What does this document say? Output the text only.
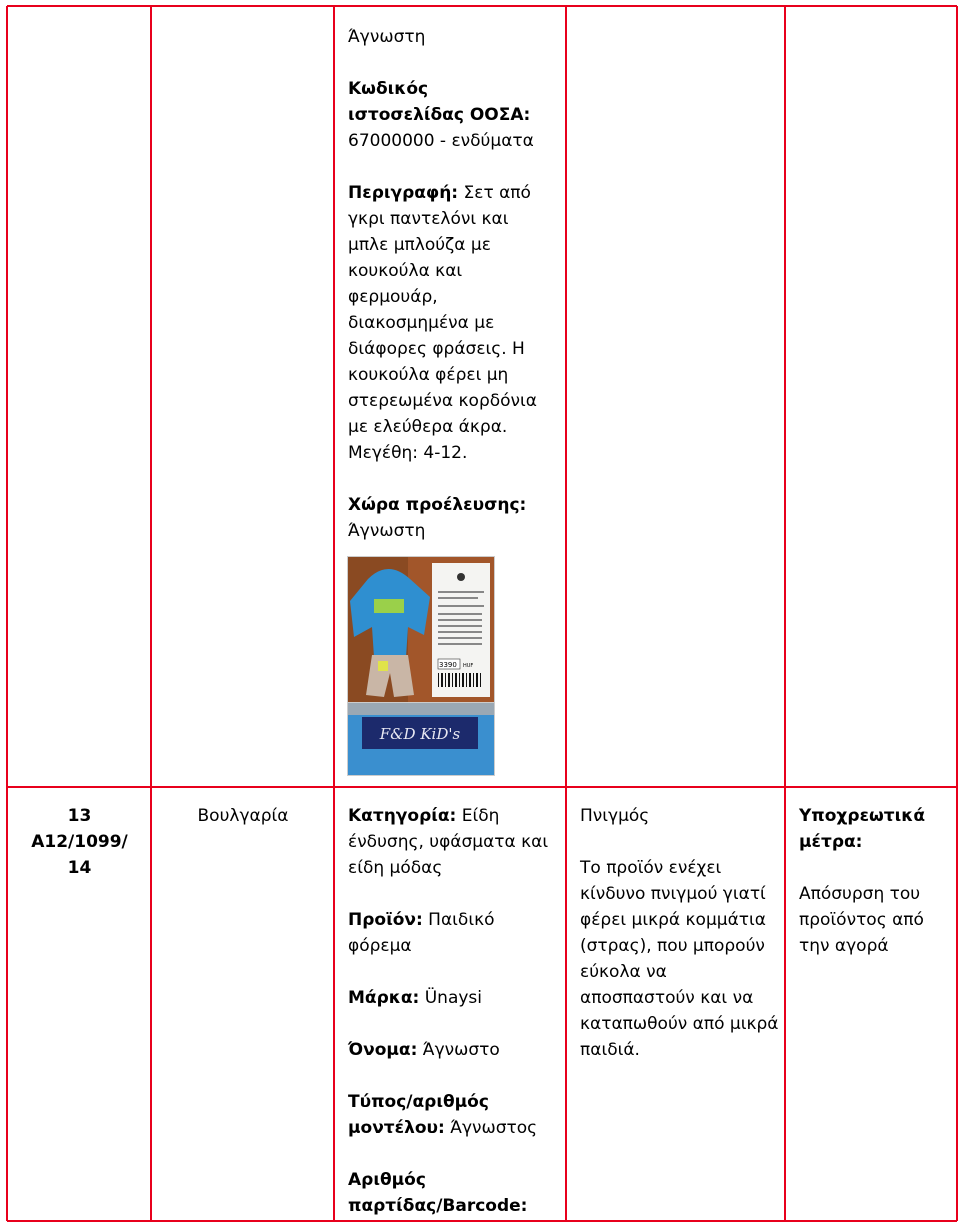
Άγνωστη

Κωδικός ιστοσελίδας ΟΟΣΑ: 67000000 - ενδύματα

Περιγραφή: Σετ από γκρι παντελόνι και μπλε μπλούζα με κουκούλα και φερμουάρ, διακοσμημένα με διάφορες φράσεις. Η κουκούλα φέρει μη στερεωμένα κορδόνια με ελεύθερα άκρα. Μεγέθη: 4-12.

Χώρα προέλευσης:

Άγνωστη

3390 HUF
F&D KiD's

13

A12/1099/

14

Βουλγαρία	Κατηγορία: Είδη ένδυσης, υφάσματα και είδη μόδας

Προϊόν: Παιδικό φόρεμα

Μάρκα: Ünaysi

Όνομα: Άγνωστο

Τύπος/αριθμός μοντέλου: Άγνωστος

Αριθμός παρτίδας/Barcode:

Πνιγμός

Το προϊόν ενέχει κίνδυνο πνιγμού γιατί φέρει μικρά κομμάτια (στρας), που μπορούν εύκολα να αποσπαστούν και να καταπωθούν από μικρά παιδιά.

Υποχρεωτικά μέτρα:

Απόσυρση του προϊόντος από την αγορά
